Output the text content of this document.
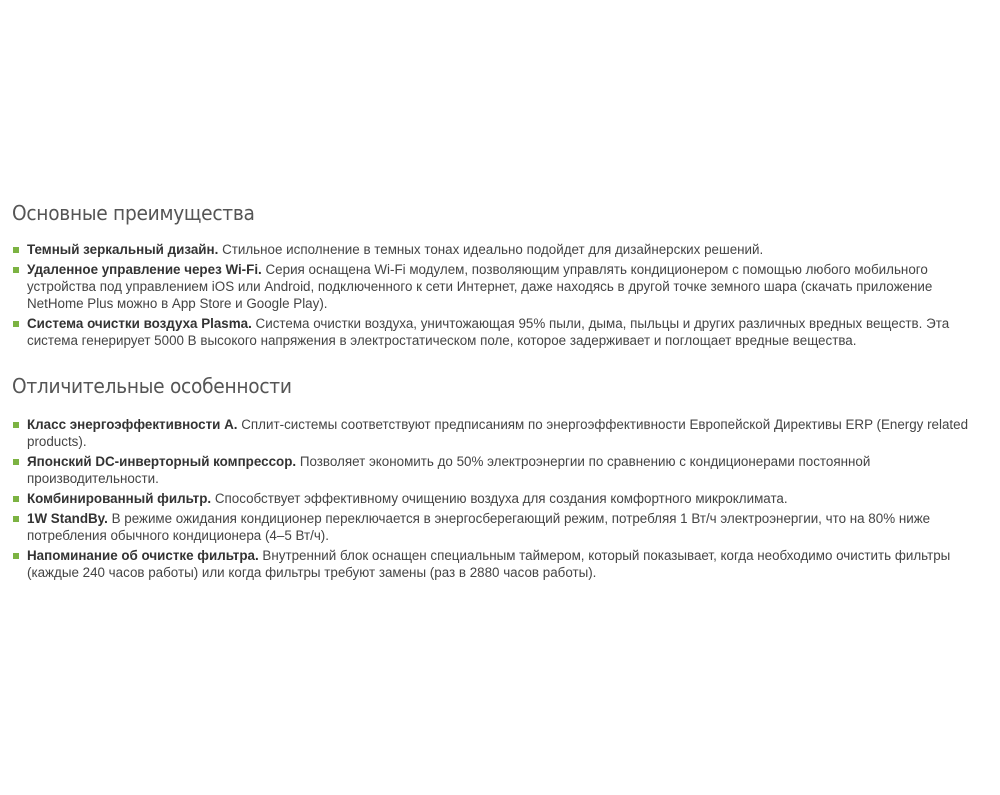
Основные преимущества
Темный зеркальный дизайн. Стильное исполнение в темных тонах идеально подойдет для дизайнерских решений.
Удаленное управление через Wi-Fi. Серия оснащена Wi-Fi модулем, позволяющим управлять кондиционером с помощью любого мобильного устройства под управлением iOS или Android, подключенного к сети Интернет, даже находясь в другой точке земного шара (скачать приложение NetHome Plus можно в App Store и Google Play).
Система очистки воздуха Plasma. Система очистки воздуха, уничтожающая 95% пыли, дыма, пыльцы и других различных вредных веществ. Эта система генерирует 5000 В высокого напряжения в электростатическом поле, которое задерживает и поглощает вредные вещества.
Отличительные особенности
Класс энергоэффективности А. Сплит-системы соответствуют предписаниям по энергоэффективности Европейской Директивы ERP (Energy related products).
Японский DC-инверторный компрессор. Позволяет экономить до 50% электроэнергии по сравнению с кондиционерами постоянной производительности.
Комбинированный фильтр. Способствует эффективному очищению воздуха для создания комфортного микроклимата.
1W StandBy. В режиме ожидания кондиционер переключается в энергосберегающий режим, потребляя 1 Вт/ч электроэнергии, что на 80% ниже потребления обычного кондиционера (4–5 Вт/ч).
Напоминание об очистке фильтра. Внутренний блок оснащен специальным таймером, который показывает, когда необходимо очистить фильтры (каждые 240 часов работы) или когда фильтры требуют замены (раз в 2880 часов работы).
